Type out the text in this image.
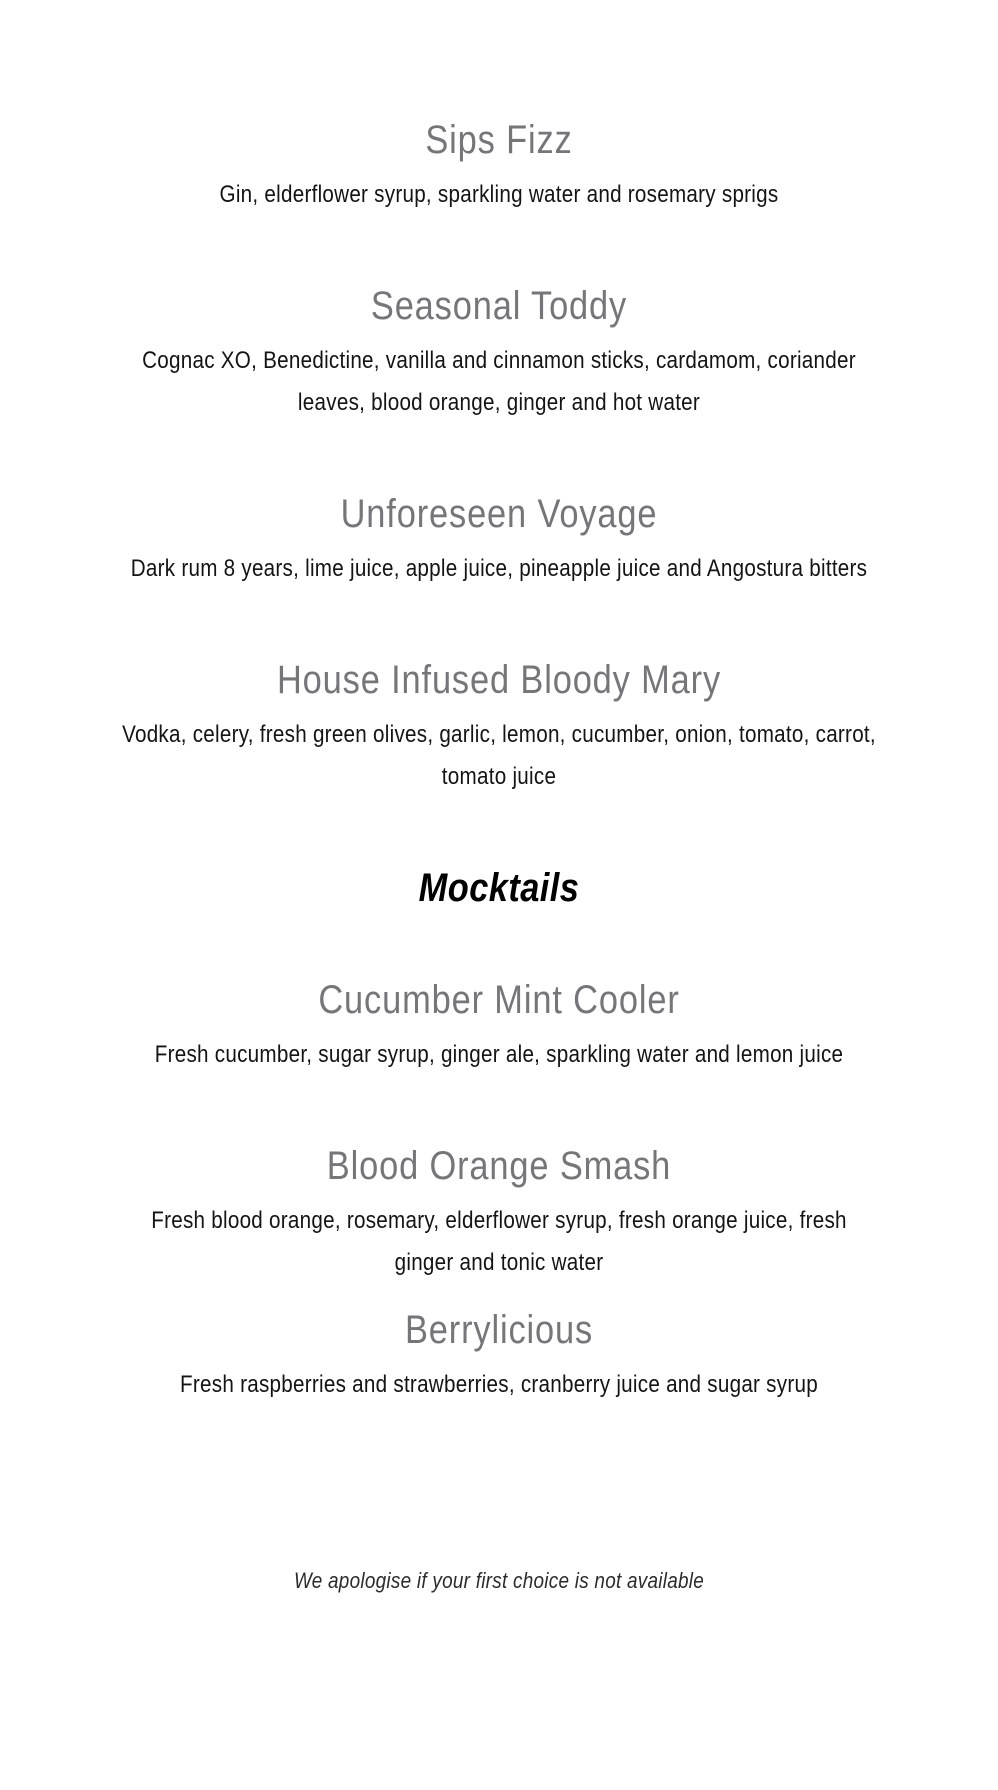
Sips Fizz

Gin, elderflower syrup, sparkling water and rosemary sprigs

Seasonal Toddy

Cognac XO, Benedictine, vanilla and cinnamon sticks, cardamom, coriander leaves, blood orange, ginger and hot water

Unforeseen Voyage

Dark rum 8 years, lime juice, apple juice, pineapple juice and Angostura bitters

House Infused Bloody Mary

Vodka, celery, fresh green olives, garlic, lemon, cucumber, onion, tomato, carrot, tomato juice

Mocktails
Cucumber Mint Cooler

Fresh cucumber, sugar syrup, ginger ale, sparkling water and lemon juice

Blood Orange Smash

Fresh blood orange, rosemary, elderflower syrup, fresh orange juice, fresh ginger and tonic water

Berrylicious

Fresh raspberries and strawberries, cranberry juice and sugar syrup

We apologise if your first choice is not available
